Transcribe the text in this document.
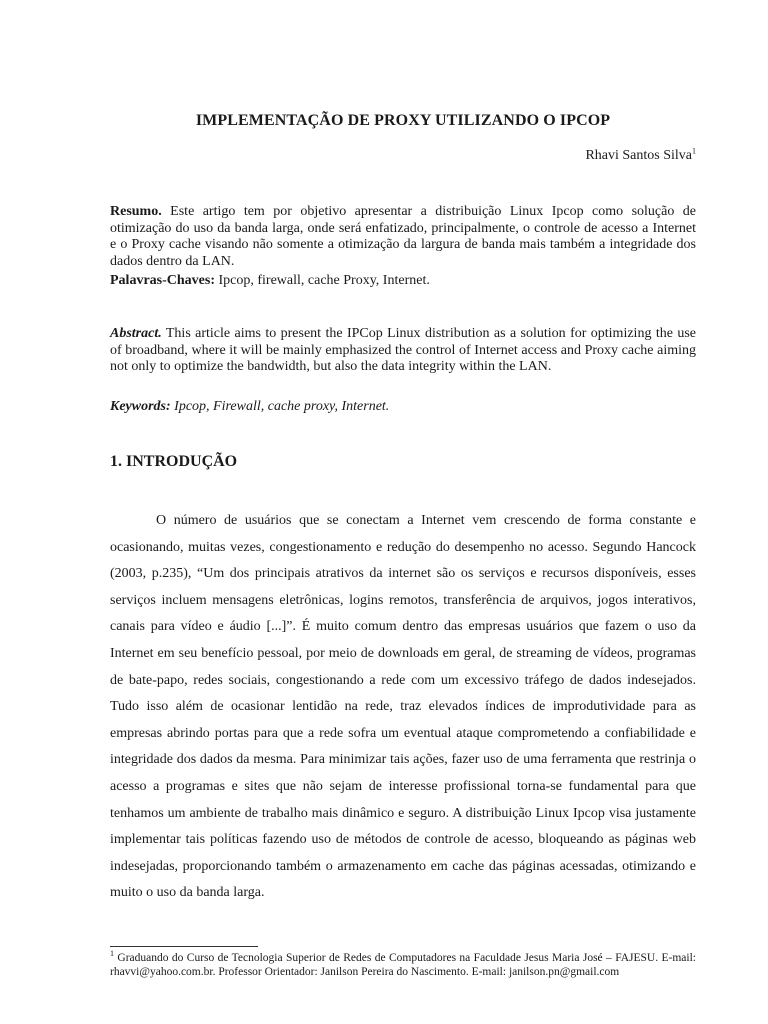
IMPLEMENTAÇÃO DE PROXY UTILIZANDO O IPCOP
Rhavi Santos Silva$^1$

Resumo. Este artigo tem por objetivo apresentar a distribuição Linux Ipcop como solução de otimização do uso da banda larga, onde será enfatizado, principalmente, o controle de acesso a Internet e o Proxy cache visando não somente a otimização da largura de banda mais também a integridade dos dados dentro da LAN.

Palavras-Chaves: Ipcop, firewall, cache Proxy, Internet.

Abstract. This article aims to present the IPCop Linux distribution as a solution for optimizing the use of broadband, where it will be mainly emphasized the control of Internet access and Proxy cache aiming not only to optimize the bandwidth, but also the data integrity within the LAN.

Keywords: Ipcop, Firewall, cache proxy, Internet.

1. INTRODUÇÃO

O número de usuários que se conectam a Internet vem crescendo de forma constante e ocasionando, muitas vezes, congestionamento e redução do desempenho no acesso. Segundo Hancock (2003, p.235), “Um dos principais atrativos da internet são os serviços e recursos disponíveis, esses serviços incluem mensagens eletrônicas, logins remotos, transferência de arquivos, jogos interativos, canais para vídeo e áudio [...]”. É muito comum dentro das empresas usuários que fazem o uso da Internet em seu benefício pessoal, por meio de downloads em geral, de streaming de vídeos, programas de bate-papo, redes sociais, congestionando a rede com um excessivo tráfego de dados indesejados. Tudo isso além de ocasionar lentidão na rede, traz elevados índices de improdutividade para as empresas abrindo portas para que a rede sofra um eventual ataque comprometendo a confiabilidade e integridade dos dados da mesma. Para minimizar tais ações, fazer uso de uma ferramenta que restrinja o acesso a programas e sites que não sejam de interesse profissional torna-se fundamental para que tenhamos um ambiente de trabalho mais dinâmico e seguro. A distribuição Linux Ipcop visa justamente implementar tais políticas fazendo uso de métodos de controle de acesso, bloqueando as páginas web indesejadas, proporcionando também o armazenamento em cache das páginas acessadas, otimizando e muito o uso da banda larga.

$^1$ Graduando do Curso de Tecnologia Superior de Redes de Computadores na Faculdade Jesus Maria José – FAJESU. E-mail: rhavvi@yahoo.com.br. Professor Orientador: Janilson Pereira do Nascimento. E-mail: janilson.pn@gmail.com
